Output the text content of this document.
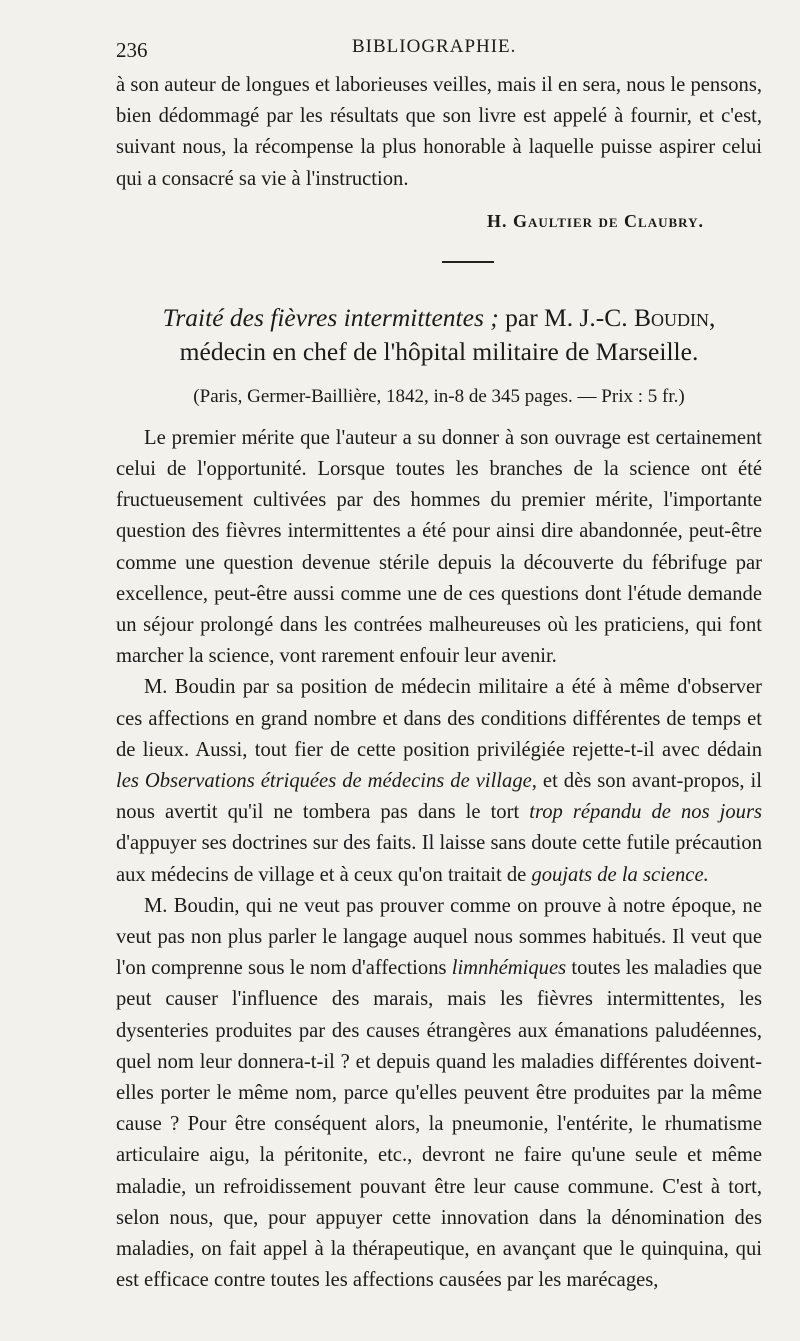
236	BIBLIOGRAPHIE.

à son auteur de longues et laborieuses veilles, mais il en sera, nous le pensons, bien dédommagé par les résultats que son livre est appelé à fournir, et c'est, suivant nous, la récompense la plus honorable à laquelle puisse aspirer celui qui a consacré sa vie à l'instruction.

H. Gaultier de Claubry.
Traité des fièvres intermittentes ; par M. J.-C. Boudin,
médecin en chef de l'hôpital militaire de Marseille.
(Paris, Germer-Baillière, 1842, in-8 de 345 pages. — Prix : 5 fr.)

Le premier mérite que l'auteur a su donner à son ouvrage est certainement celui de l'opportunité. Lorsque toutes les branches de la science ont été fructueusement cultivées par des hommes du premier mérite, l'importante question des fièvres intermittentes a été pour ainsi dire abandonnée, peut-être comme une question devenue stérile depuis la découverte du fébrifuge par excellence, peut-être aussi comme une de ces questions dont l'étude demande un séjour prolongé dans les contrées malheureuses où les praticiens, qui font marcher la science, vont rarement enfouir leur avenir.

M. Boudin par sa position de médecin militaire a été à même d'observer ces affections en grand nombre et dans des conditions différentes de temps et de lieux. Aussi, tout fier de cette position privilégiée rejette-t-il avec dédain les Observations étriquées de médecins de village, et dès son avant-propos, il nous avertit qu'il ne tombera pas dans le tort trop répandu de nos jours d'appuyer ses doctrines sur des faits. Il laisse sans doute cette futile précaution aux médecins de village et à ceux qu'on traitait de goujats de la science.

M. Boudin, qui ne veut pas prouver comme on prouve à notre époque, ne veut pas non plus parler le langage auquel nous sommes habitués. Il veut que l'on comprenne sous le nom d'affections limnhémiques toutes les maladies que peut causer l'influence des marais, mais les fièvres intermittentes, les dysenteries produites par des causes étrangères aux émanations paludéennes, quel nom leur donnera-t-il ? et depuis quand les maladies différentes doivent-elles porter le même nom, parce qu'elles peuvent être produites par la même cause ? Pour être conséquent alors, la pneumonie, l'entérite, le rhumatisme articulaire aigu, la péritonite, etc., devront ne faire qu'une seule et même maladie, un refroidissement pouvant être leur cause commune. C'est à tort, selon nous, que, pour appuyer cette innovation dans la dénomination des maladies, on fait appel à la thérapeutique, en avançant que le quinquina, qui est efficace contre toutes les affections causées par les marécages,
